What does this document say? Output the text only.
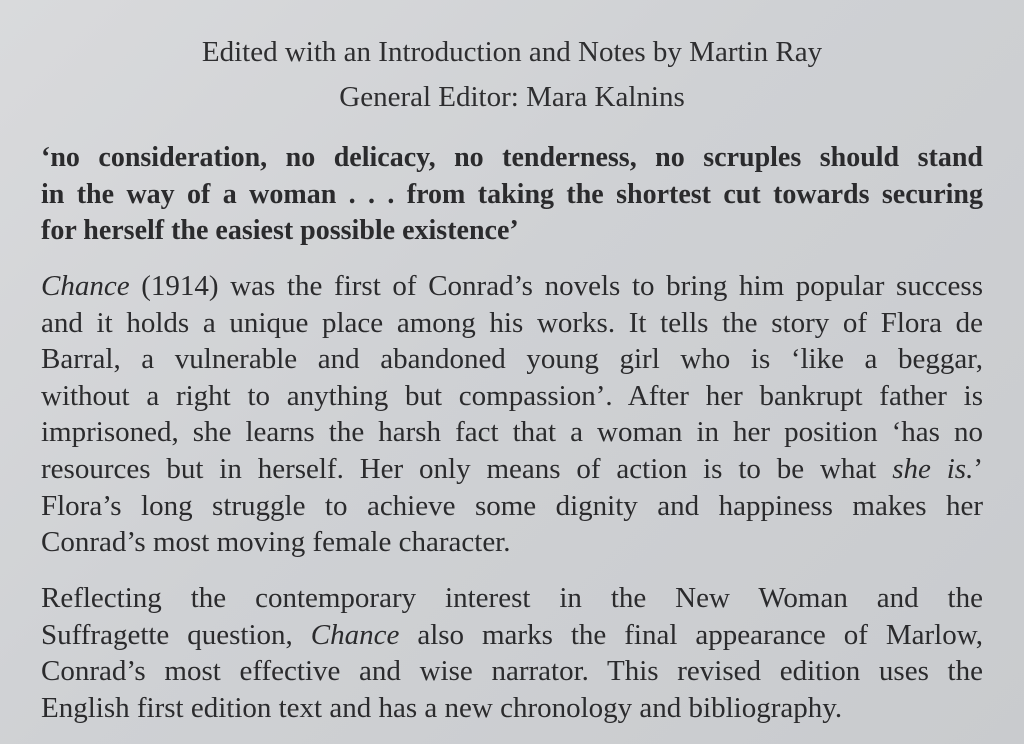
Edited with an Introduction and Notes by Martin Ray
General Editor: Mara Kalnins

‘no consideration, no delicacy, no tenderness, no scruples should stand
in the way of a woman . . . from taking the shortest cut towards securing
for herself the easiest possible existence’

Chance (1914) was the first of Conrad’s novels to bring him popular success
and it holds a unique place among his works. It tells the story of Flora de
Barral, a vulnerable and abandoned young girl who is ‘like a beggar,
without a right to anything but compassion’. After her bankrupt father is
imprisoned, she learns the harsh fact that a woman in her position ‘has no
resources but in herself. Her only means of action is to be what she is.’
Flora’s long struggle to achieve some dignity and happiness makes her
Conrad’s most moving female character.

Reflecting the contemporary interest in the New Woman and the
Suffragette question, Chance also marks the final appearance of Marlow,
Conrad’s most effective and wise narrator. This revised edition uses the
English first edition text and has a new chronology and bibliography.
